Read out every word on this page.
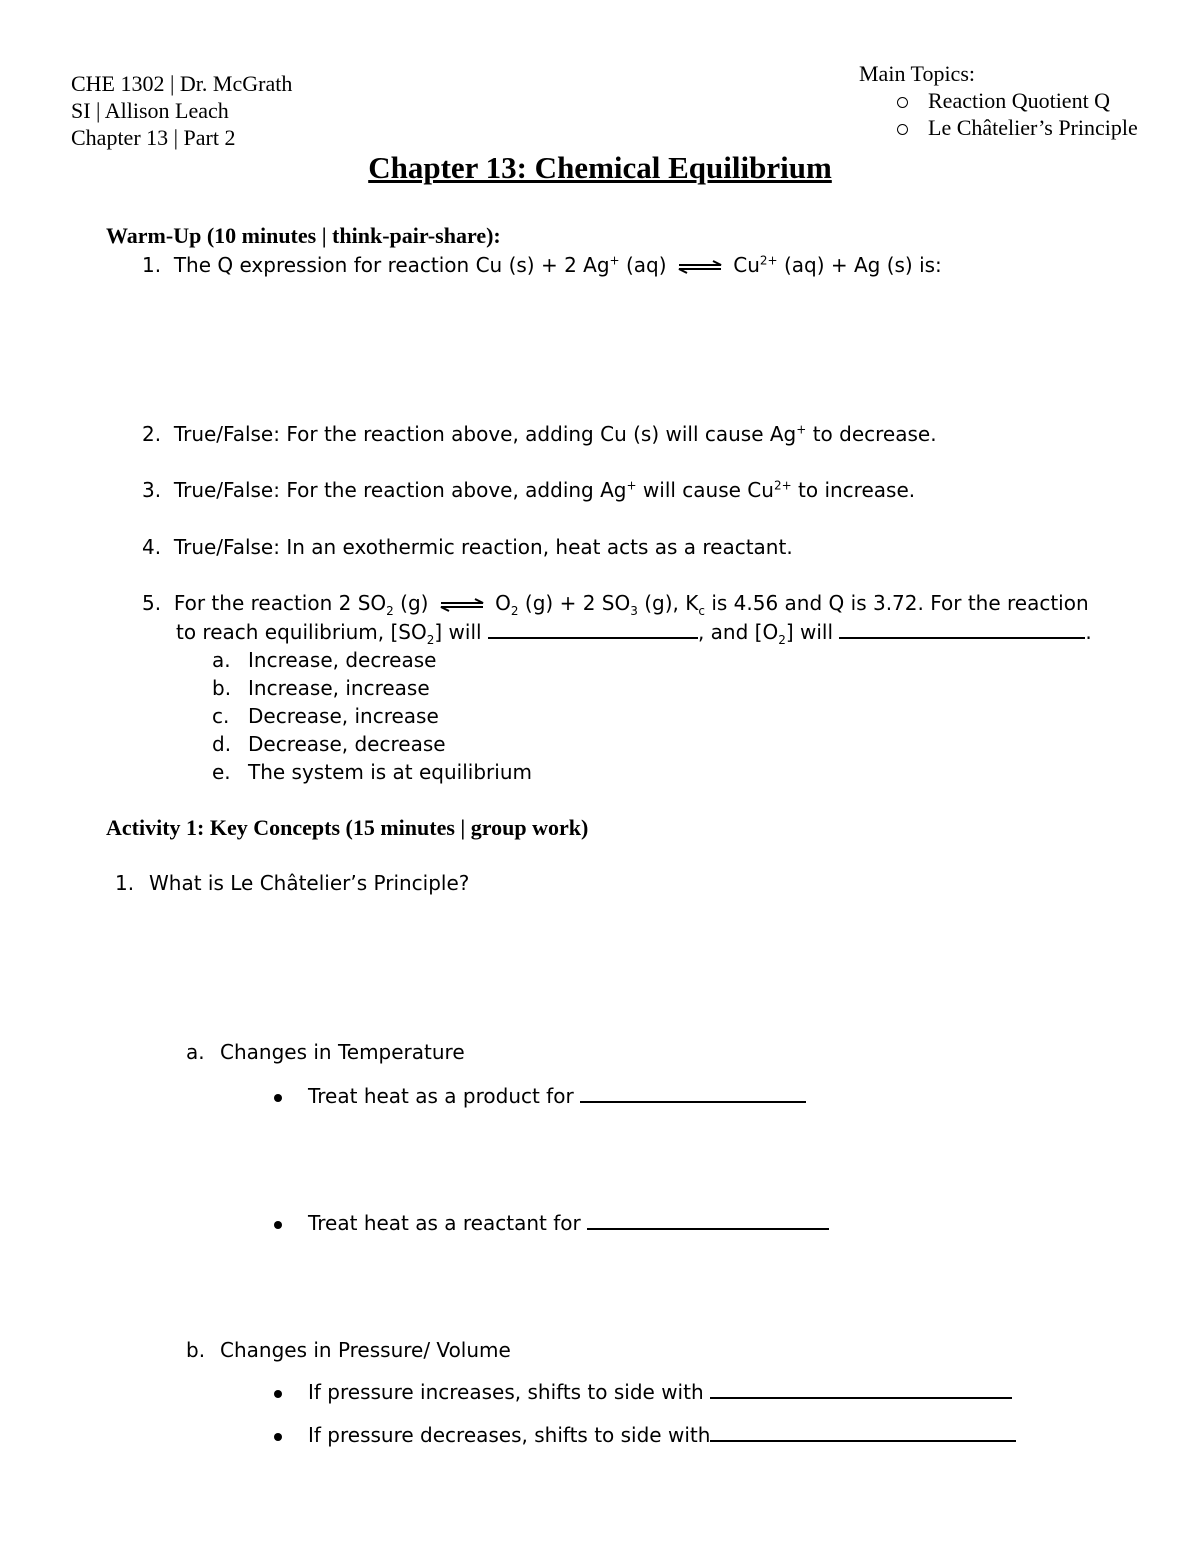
CHE 1302 | Dr. McGrath
SI | Allison Leach
Chapter 13 | Part 2
Main Topics:
Reaction Quotient Q
Le Châtelier’s Principle
Chapter 13: Chemical Equilibrium
Warm-Up (10 minutes | think-pair-share):
1. The Q expression for reaction Cu (s) + 2 Ag+ (aq) ⇌ $Cu^{2+}$ (aq) + Ag (s) is:
2. True/False: For the reaction above, adding Cu (s) will cause Ag+ to decrease.
3. True/False: For the reaction above, adding Ag+ will cause $Cu^{2+}$ to increase.
4. True/False: In an exothermic reaction, heat acts as a reactant.
5. For the reaction 2 $SO_2$ (g) ⇌ $O_2$ (g) + 2 $SO_3$ (g), $K_c$ is 4.56 and Q is 3.72. For the reaction
to reach equilibrium, $[SO_2]$ will	, and $[O_2]$ will	.
a. Increase, decrease
b. Increase, increase
c. Decrease, increase
d. Decrease, decrease
e. The system is at equilibrium
Activity 1: Key Concepts (15 minutes | group work)
1. What is Le Châtelier’s Principle?
a. Changes in Temperature
Treat heat as a product for
Treat heat as a reactant for
b. Changes in Pressure/ Volume
If pressure increases, shifts to side with
If pressure decreases, shifts to side with
